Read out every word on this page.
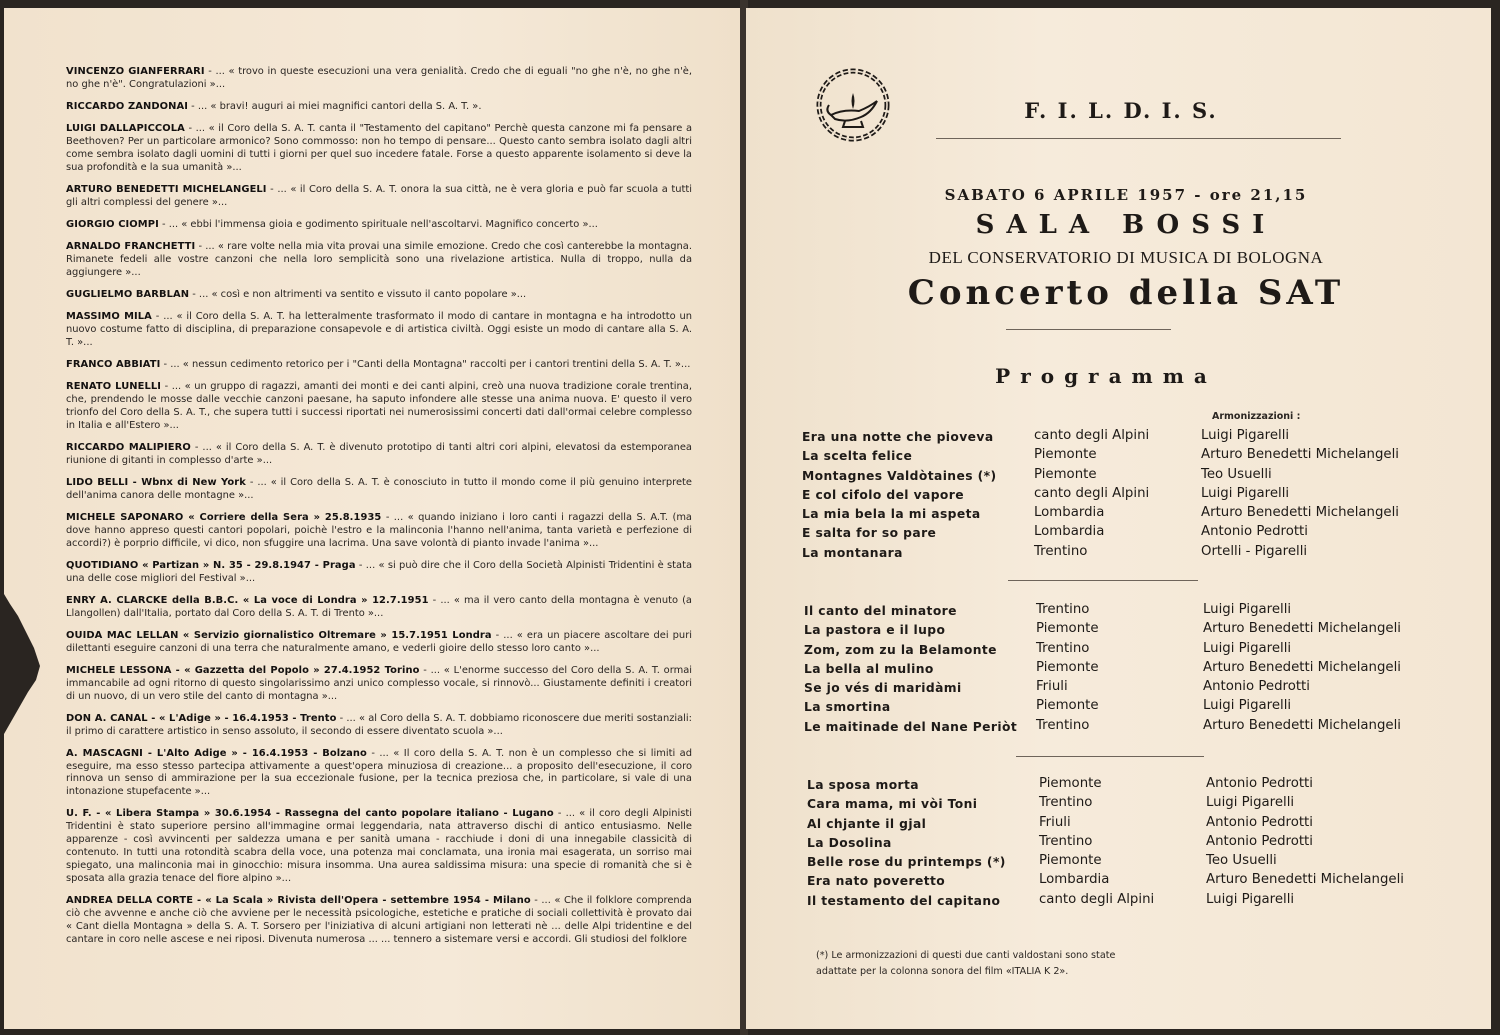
VINCENZO GIANFERRARI - ... « trovo in queste esecuzioni una vera genialità. Credo che di eguali "no ghe n'è, no ghe n'è, no ghe n'è". Congratulazioni »...

RICCARDO ZANDONAI - ... « bravi! auguri ai miei magnifici cantori della S. A. T. ».

LUIGI DALLAPICCOLA - ... « il Coro della S. A. T. canta il "Testamento del capitano" Perchè questa canzone mi fa pensare a Beethoven? Per un particolare armonico? Sono commosso: non ho tempo di pensare... Questo canto sembra isolato dagli altri come sembra isolato dagli uomini di tutti i giorni per quel suo incedere fatale. Forse a questo apparente isolamento si deve la sua profondità e la sua umanità »...

ARTURO BENEDETTI MICHELANGELI - ... « il Coro della S. A. T. onora la sua città, ne è vera gloria e può far scuola a tutti gli altri complessi del genere »...

GIORGIO CIOMPI - ... « ebbi l'immensa gioia e godimento spirituale nell'ascoltarvi. Magnifico concerto »...

ARNALDO FRANCHETTI - ... « rare volte nella mia vita provai una simile emozione. Credo che così canterebbe la montagna. Rimanete fedeli alle vostre canzoni che nella loro semplicità sono una rivelazione artistica. Nulla di troppo, nulla da aggiungere »...

GUGLIELMO BARBLAN - ... « così e non altrimenti va sentito e vissuto il canto popolare »...

MASSIMO MILA - ... « il Coro della S. A. T. ha letteralmente trasformato il modo di cantare in montagna e ha introdotto un nuovo costume fatto di disciplina, di preparazione consapevole e di artistica civiltà. Oggi esiste un modo di cantare alla S. A. T. »...

FRANCO ABBIATI - ... « nessun cedimento retorico per i "Canti della Montagna" raccolti per i cantori trentini della S. A. T. »...

RENATO LUNELLI - ... « un gruppo di ragazzi, amanti dei monti e dei canti alpini, creò una nuova tradizione corale trentina, che, prendendo le mosse dalle vecchie canzoni paesane, ha saputo infondere alle stesse una anima nuova. E' questo il vero trionfo del Coro della S. A. T., che supera tutti i successi riportati nei numerosissimi concerti dati dall'ormai celebre complesso in Italia e all'Estero »...

RICCARDO MALIPIERO - ... « il Coro della S. A. T. è divenuto prototipo di tanti altri cori alpini, elevatosi da estemporanea riunione di gitanti in complesso d'arte »...

LIDO BELLI - Wbnx di New York - ... « il Coro della S. A. T. è conosciuto in tutto il mondo come il più genuino interprete dell'anima canora delle montagne »...

MICHELE SAPONARO « Corriere della Sera » 25.8.1935 - ... « quando iniziano i loro canti i ragazzi della S. A.T. (ma dove hanno appreso questi cantori popolari, poichè l'estro e la malinconia l'hanno nell'anima, tanta varietà e perfezione di accordi?) è porprio difficile, vi dico, non sfuggire una lacrima. Una save volontà di pianto invade l'anima »...

QUOTIDIANO « Partizan » N. 35 - 29.8.1947 - Praga - ... « si può dire che il Coro della Società Alpinisti Tridentini è stata una delle cose migliori del Festival »...

ENRY A. CLARCKE della B.B.C. « La voce di Londra » 12.7.1951 - ... « ma il vero canto della montagna è venuto (a Llangollen) dall'Italia, portato dal Coro della S. A. T. di Trento »...

OUIDA MAC LELLAN « Servizio giornalistico Oltremare » 15.7.1951 Londra - ... « era un piacere ascoltare dei puri dilettanti eseguire canzoni di una terra che naturalmente amano, e vederli gioire dello stesso loro canto »...

MICHELE LESSONA - « Gazzetta del Popolo » 27.4.1952 Torino - ... « L'enorme successo del Coro della S. A. T. ormai immancabile ad ogni ritorno di questo singolarissimo anzi unico complesso vocale, si rinnovò... Giustamente definiti i creatori di un nuovo, di un vero stile del canto di montagna »...

DON A. CANAL - « L'Adige » - 16.4.1953 - Trento - ... « al Coro della S. A. T. dobbiamo riconoscere due meriti sostanziali: il primo di carattere artistico in senso assoluto, il secondo di essere diventato scuola »...

A. MASCAGNI - L'Alto Adige » - 16.4.1953 - Bolzano - ... « Il coro della S. A. T. non è un complesso che si limiti ad eseguire, ma esso stesso partecipa attivamente a quest'opera minuziosa di creazione... a proposito dell'esecuzione, il coro rinnova un senso di ammirazione per la sua eccezionale fusione, per la tecnica preziosa che, in particolare, si vale di una intonazione stupefacente »...

U. F. - « Libera Stampa » 30.6.1954 - Rassegna del canto popolare italiano - Lugano - ... « il coro degli Alpinisti Tridentini è stato superiore persino all'immagine ormai leggendaria, nata attraverso dischi di antico entusiasmo. Nelle apparenze - così avvincenti per saldezza umana e per sanità umana - racchiude i doni di una innegabile classicità di contenuto. In tutti una rotondità scabra della voce, una potenza mai conclamata, una ironia mai esagerata, un sorriso mai spiegato, una malinconia mai in ginocchio: misura insomma. Una aurea saldissima misura: una specie di romanità che si è sposata alla grazia tenace del fiore alpino »...

ANDREA DELLA CORTE - « La Scala » Rivista dell'Opera - settembre 1954 - Milano - ... « Che il folklore comprenda ciò che avvenne e anche ciò che avviene per le necessità psicologiche, estetiche e pratiche di sociali collettività è provato dai « Cant diella Montagna » della S. A. T. Sorsero per l'iniziativa di alcuni artigiani non letterati nè ... delle Alpi tridentine e del cantare in coro nelle ascese e nei riposi. Divenuta numerosa ... ... tennero a sistemare versi e accordi. Gli studiosi del folklore

F. I. L. D. I. S.
SABATO 6 APRILE 1957 - ore 21,15
SALA BOSSI
DEL CONSERVATORIO DI MUSICA DI BOLOGNA
Concerto della SAT
Programma
Armonizzazioni :
Era una notte che pioveva	canto degli Alpini	Luigi Pigarelli
La scelta felice	Piemonte	Arturo Benedetti Michelangeli
Montagnes Valdòtaines (*)	Piemonte	Teo Usuelli
E col cifolo del vapore	canto degli Alpini	Luigi Pigarelli
La mia bela la mi aspeta	Lombardia	Arturo Benedetti Michelangeli
E salta for so pare	Lombardia	Antonio Pedrotti
La montanara	Trentino	Ortelli - Pigarelli
Il canto del minatore	Trentino	Luigi Pigarelli
La pastora e il lupo	Piemonte	Arturo Benedetti Michelangeli
Zom, zom zu la Belamonte	Trentino	Luigi Pigarelli
La bella al mulino	Piemonte	Arturo Benedetti Michelangeli
Se jo vés di maridàmi	Friuli	Antonio Pedrotti
La smortina	Piemonte	Luigi Pigarelli
Le maitinade del Nane Periòt Trentino	Arturo Benedetti Michelangeli
La sposa morta	Piemonte	Antonio Pedrotti
Cara mama, mi vòi Toni	Trentino	Luigi Pigarelli
Al chjante il gjal	Friuli	Antonio Pedrotti
La Dosolina	Trentino	Antonio Pedrotti
Belle rose du printemps (*) Piemonte	Teo Usuelli
Era nato poveretto	Lombardia	Arturo Benedetti Michelangeli
Il testamento del capitano	canto degli Alpini	Luigi Pigarelli
(*) Le armonizzazioni di questi due canti valdostani sono state adattate per la colonna sonora del film «ITALIA K 2».
